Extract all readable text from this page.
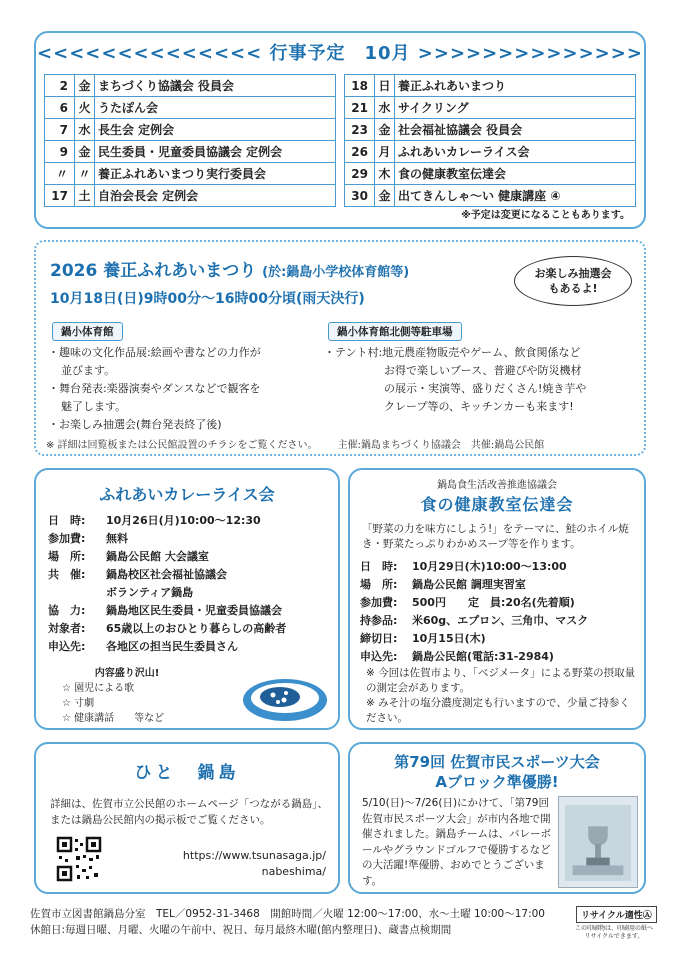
<<<<<<<<<<<<<< 行事予定　10月 >>>>>>>>>>>>>>
2	金	まちづくり協議会 役員会
6	火	うたぽん会
7	水	長生会 定例会
9	金	民生委員・児童委員協議会 定例会
〃	〃	養正ふれあいまつり実行委員会
17	土	自治会長会 定例会
18	日	養正ふれあいまつり
21	水	サイクリング
23	金	社会福祉協議会 役員会
26	月	ふれあいカレーライス会
29	木	食の健康教室伝達会
30	金	出てきんしゃ～い 健康講座 ④
※予定は変更になることもあります。
2026 養正ふれあいまつり (於:鍋島小学校体育館等)
10月18日(日)9時00分～16時00分頃(雨天決行)
お楽しみ抽選会
もあるよ!
鍋小体育館	鍋小体育館北側等駐車場
・趣味の文化作品展:絵画や書などの力作が
並びます。
・舞台発表:楽器演奏やダンスなどで観客を
魅了します。
・お楽しみ抽選会(舞台発表終了後)
・テント村:地元農産物販売やゲーム、飲食関係など
お得で楽しいブース、普避ぴや防災機材
の展示・実演等、盛りだくさん!焼き芋や
クレープ等の、キッチンカーも来ます!
※ 詳細は回覧板または公民館設置のチラシをご覧ください。 主催:鍋島まちづくり協議会　共催:鍋島公民館
ふれあいカレーライス会
日　時:	10月26日(月)10:00～12:30
参加費:	無料
場　所:	鍋島公民館 大会議室
共　催:	鍋島校区社会福祉協議会
ボランティア鍋島
協　力:	鍋島地区民生委員・児童委員協議会
対象者:	65歳以上のおひとり暮らしの高齢者
申込先:	各地区の担当民生委員さん
内容盛り沢山!
☆ 園児による歌
☆ 寸劇
☆ 健康講話　　等など
鍋島食生活改善推進協議会
食の健康教室伝達会
「野菜の力を味方にしよう!」をテーマに、鮭のホイル焼き・野菜たっぷりわかめスープ等を作ります。
日　時:	10月29日(木)10:00～13:00
場　所:	鍋島公民館 調理実習室
参加費:	500円　　定　員:20名(先着順)
持参品:	米60g、エプロン、三角巾、マスク
締切日:	10月15日(木)
申込先:	鍋島公民館(電話:31-2984)
※ 今回は佐賀市より、「ベジメータ」による野菜の摂取量の測定会があります。
※ みそ汁の塩分濃度測定も行いますので、少量ご持参ください。
ひと　鍋島
詳細は、佐賀市立公民館のホームページ「つながる鍋島」、または鍋島公民館内の掲示板でご覧ください。
https://www.tsunasaga.jp/
nabeshima/
第79回 佐賀市民スポーツ大会
Aブロック準優勝!
5/10(日)～7/26(日)にかけて、「第79回　佐賀市民スポーツ大会」が市内各地で開催されました。鍋島チームは、バレーボールやグラウンドゴルフで優勝するなどの大活躍!準優勝、おめでとうございます。
佐賀市立図書館鍋島分室　TEL／0952-31-3468　開館時間／火曜 12:00～17:00、水～土曜 10:00～17:00
休館日:毎週日曜、月曜、火曜の午前中、祝日、毎月最終木曜(館内整理日)、蔵書点検期間
リサイクル適性Ⓐ
この印刷物は、印刷用の紙へリサイクルできます。
